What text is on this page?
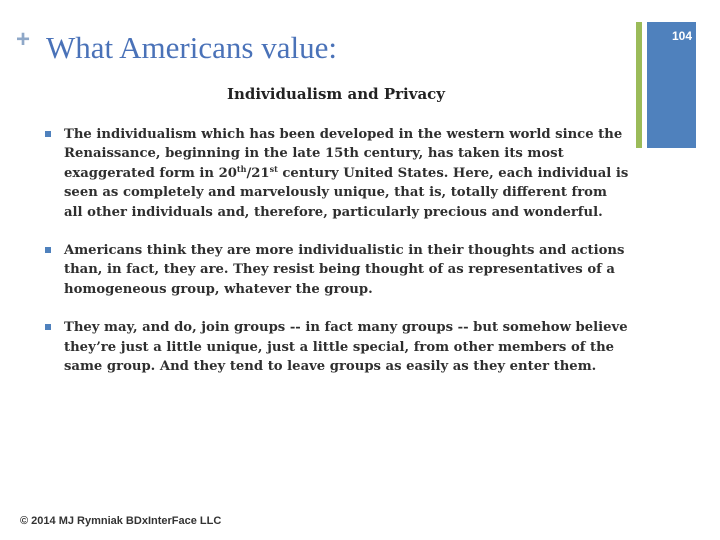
+ What Americans value:	104
Individualism and Privacy
The individualism which has been developed in the western world since the Renaissance, beginning in the late 15th century, has taken its most exaggerated form in 20th/21st century United States. Here, each individual is seen as completely and marvelously unique, that is, totally different from all other individuals and, therefore, particularly precious and wonderful.
Americans think they are more individualistic in their thoughts and actions than, in fact, they are. They resist being thought of as representatives of a homogeneous group, whatever the group.
They may, and do, join groups -- in fact many groups -- but somehow believe they’re just a little unique, just a little special, from other members of the same group. And they tend to leave groups as easily as they enter them.
© 2014 MJ Rymniak BDxInterFace LLC
